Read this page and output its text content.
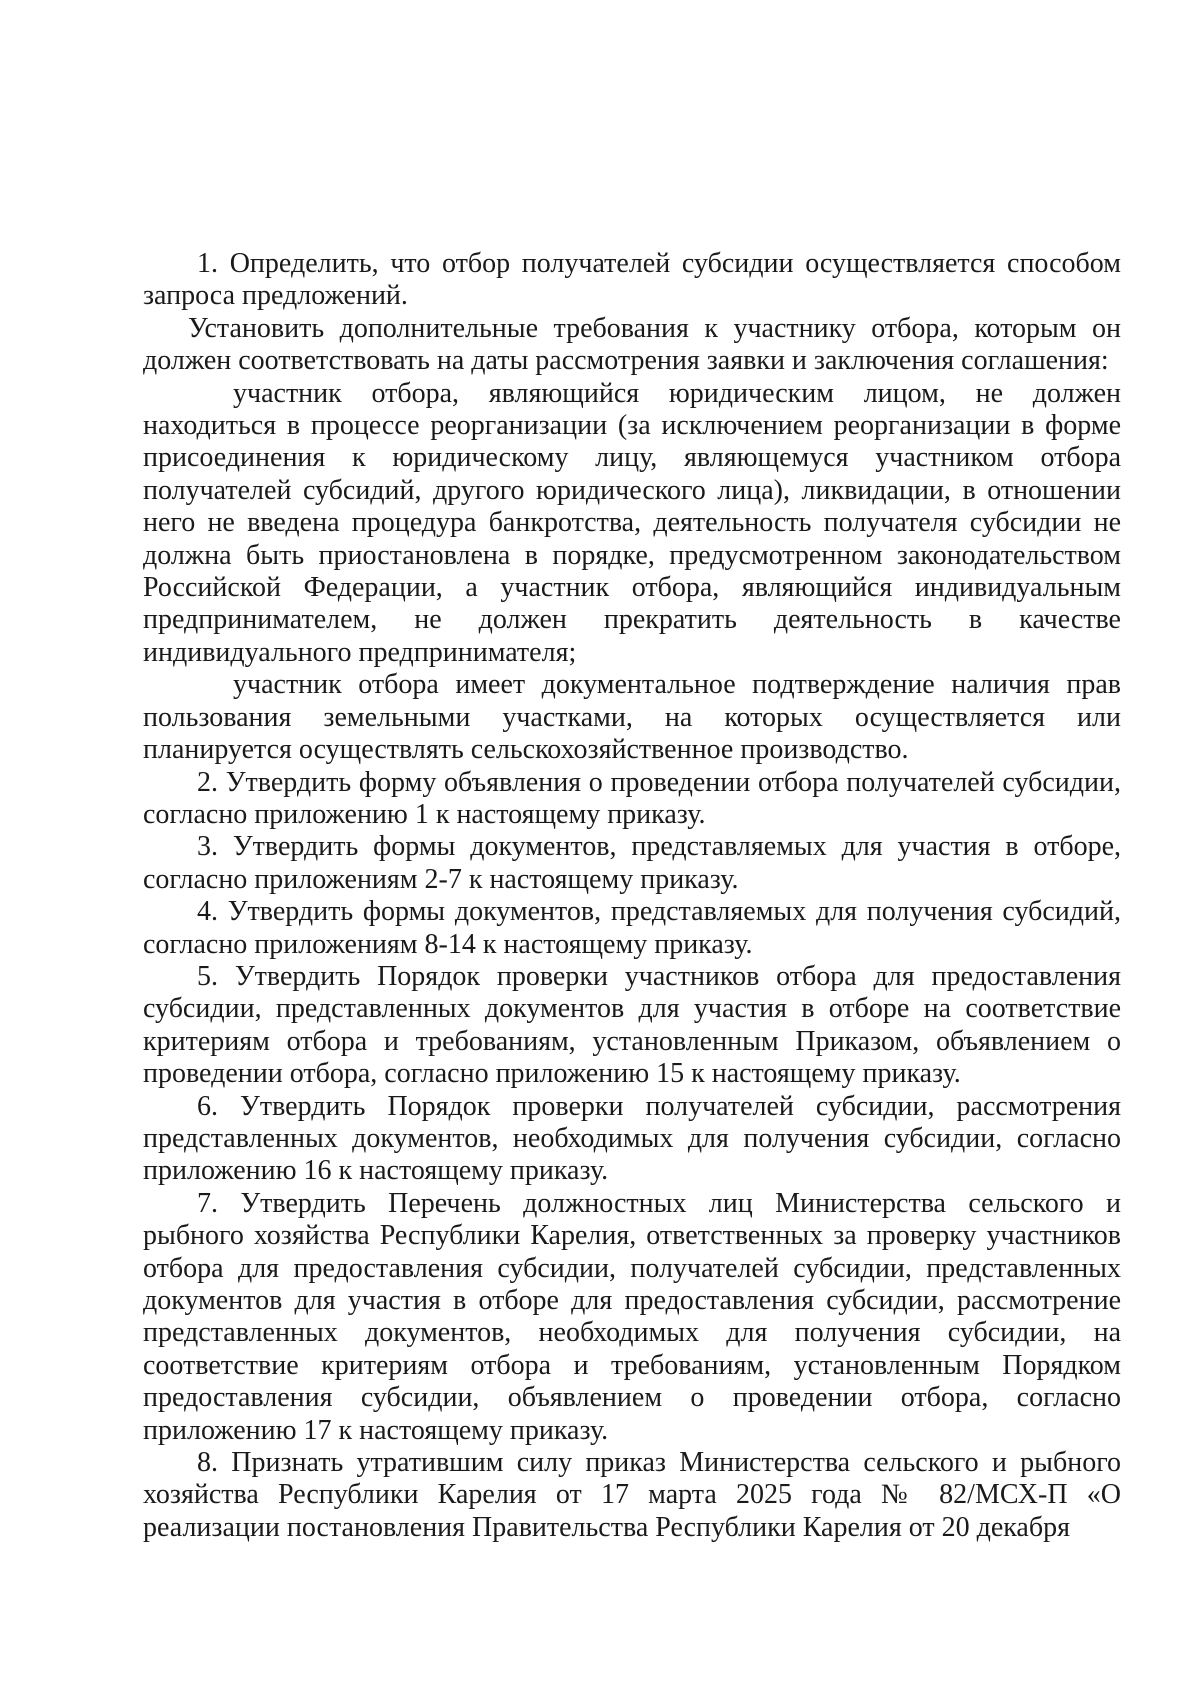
1. Определить, что отбор получателей субсидии осуществляется способом запроса предложений.

Установить дополнительные требования к участнику отбора, которым он должен соответствовать на даты рассмотрения заявки и заключения соглашения:

участник отбора, являющийся юридическим лицом, не должен находиться в процессе реорганизации (за исключением реорганизации в форме присоединения к юридическому лицу, являющемуся участником отбора получателей субсидий, другого юридического лица), ликвидации, в отношении него не введена процедура банкротства, деятельность получателя субсидии не должна быть приостановлена в порядке, предусмотренном законодательством Российской Федерации, а участник отбора, являющийся индивидуальным предпринимателем, не должен прекратить деятельность в качестве индивидуального предпринимателя;

участник отбора имеет документальное подтверждение наличия прав пользования земельными участками, на которых осуществляется или планируется осуществлять сельскохозяйственное производство.

2. Утвердить форму объявления о проведении отбора получателей субсидии, согласно приложению 1 к настоящему приказу.

3. Утвердить формы документов, представляемых для участия в отборе, согласно приложениям 2-7 к настоящему приказу.

4. Утвердить формы документов, представляемых для получения субсидий, согласно приложениям 8-14 к настоящему приказу.

5. Утвердить Порядок проверки участников отбора для предоставления субсидии, представленных документов для участия в отборе на соответствие критериям отбора и требованиям, установленным Приказом, объявлением о проведении отбора, согласно приложению 15 к настоящему приказу.

6. Утвердить Порядок проверки получателей субсидии, рассмотрения представленных документов, необходимых для получения субсидии, согласно приложению 16 к настоящему приказу.

7. Утвердить Перечень должностных лиц Министерства сельского и рыбного хозяйства Республики Карелия, ответственных за проверку участников отбора для предоставления субсидии, получателей субсидии, представленных документов для участия в отборе для предоставления субсидии, рассмотрение представленных документов, необходимых для получения субсидии, на соответствие критериям отбора и требованиям, установленным Порядком предоставления субсидии, объявлением о проведении отбора, согласно приложению 17 к настоящему приказу.

8. Признать утратившим силу приказ Министерства сельского и рыбного хозяйства Республики Карелия от 17 марта 2025 года № 82/МСХ-П «О реализации постановления Правительства Республики Карелия от 20 декабря
